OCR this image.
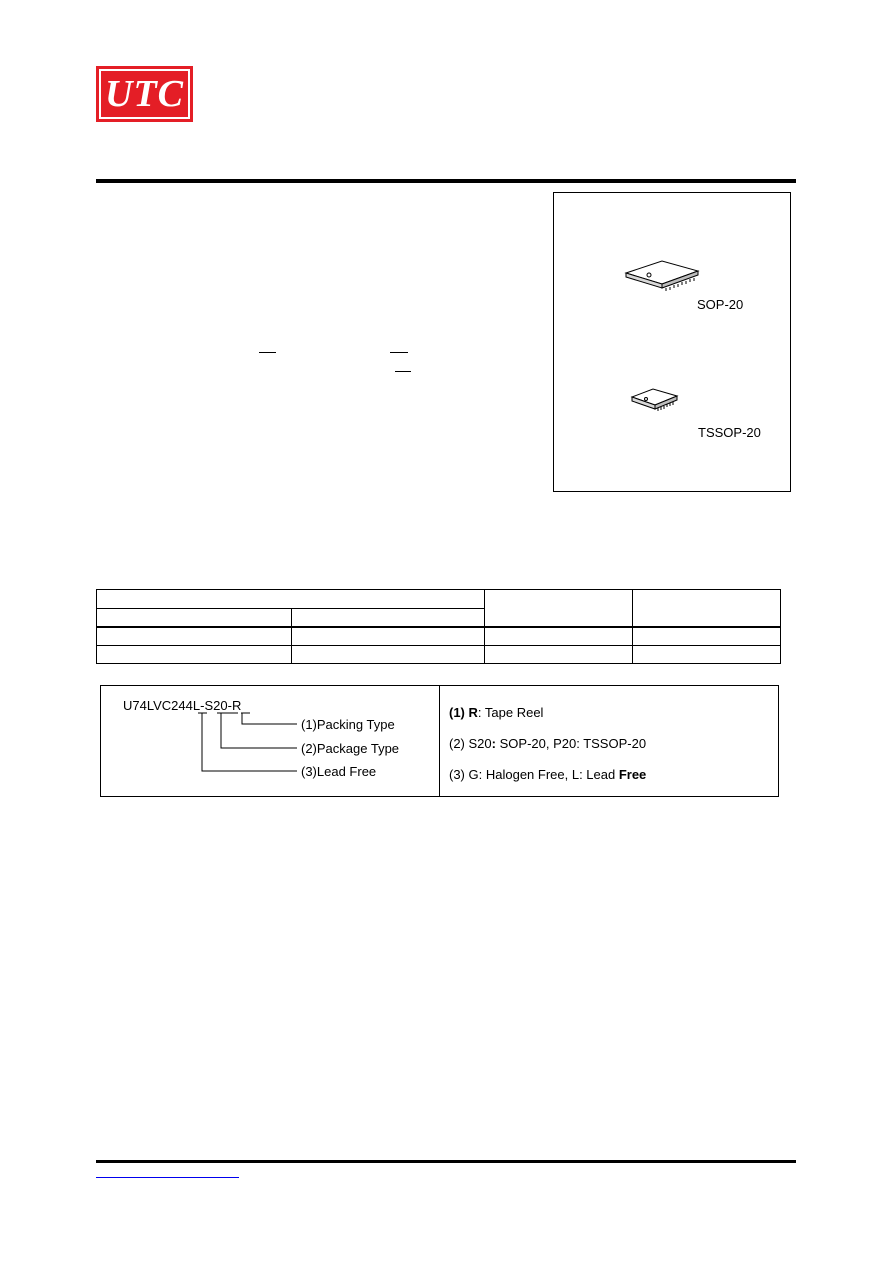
UTC
SOP-20
TSSOP-20
U74LVC244L-S20-R
(1)Packing Type
(2)Package Type
(3)Lead Free
(1) R: Tape Reel
(2) S20: SOP-20, P20: TSSOP-20
(3) G: Halogen Free, L: Lead Free
